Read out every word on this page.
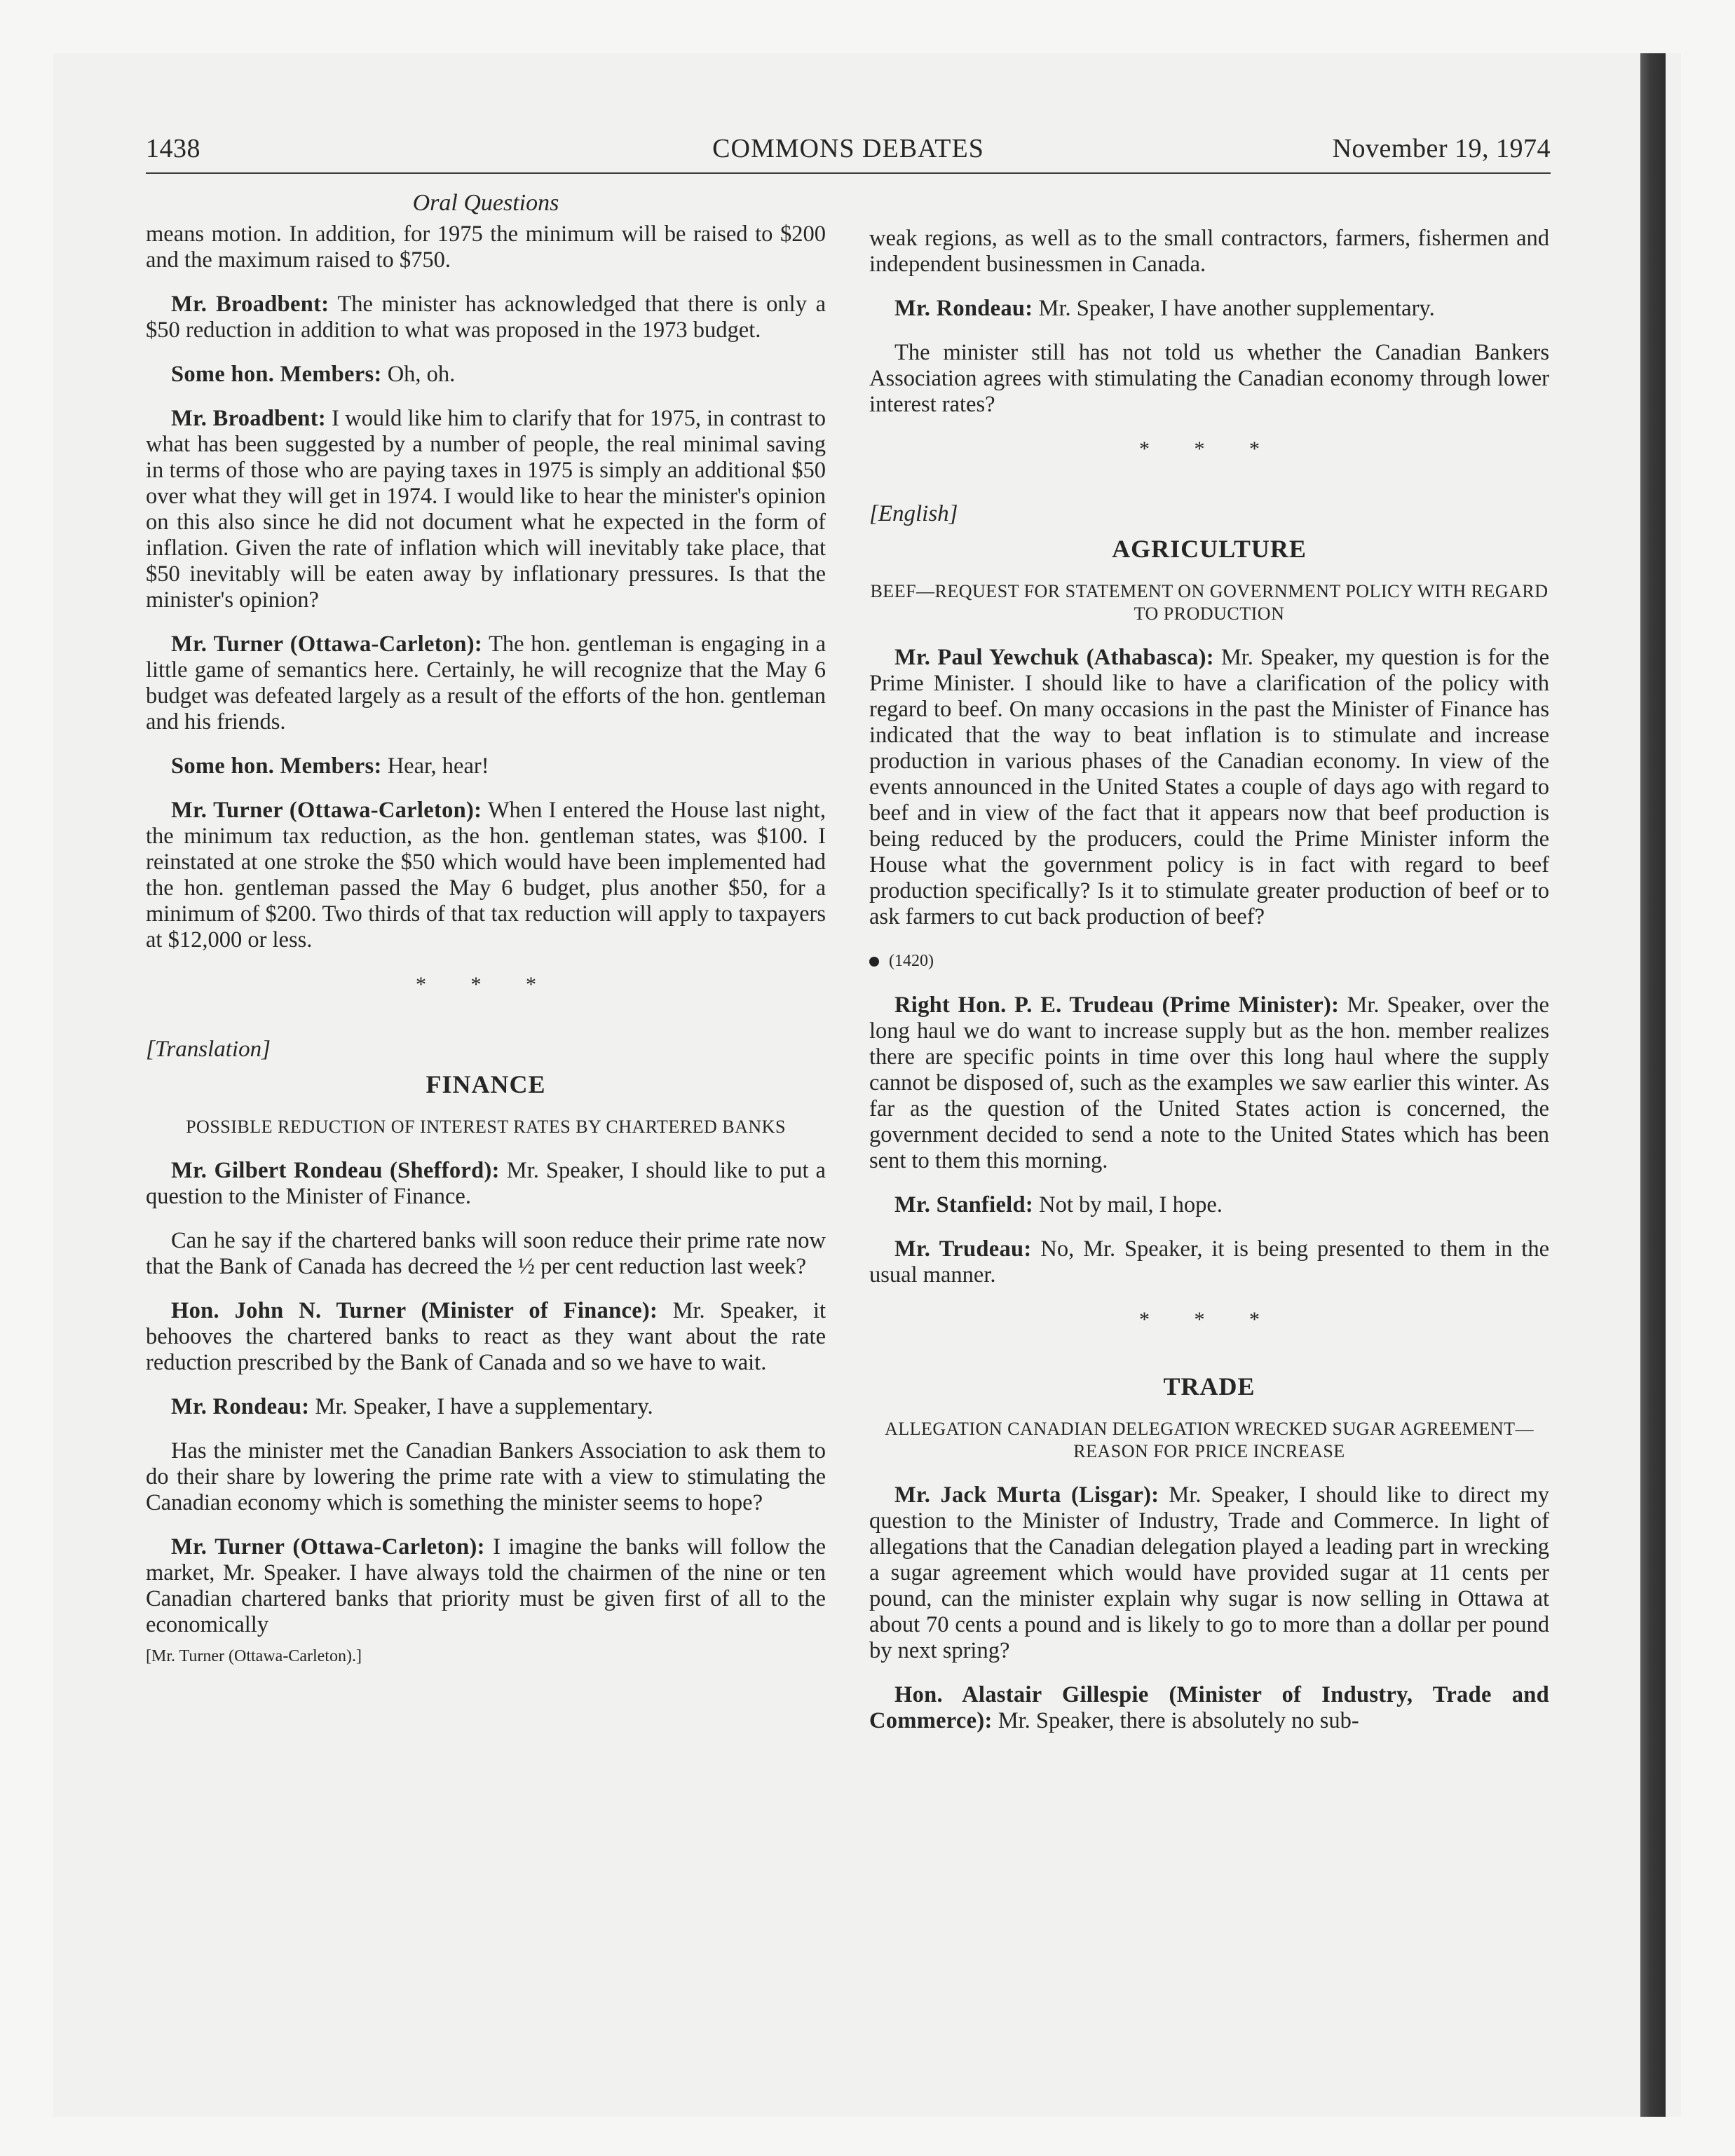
1438	COMMONS DEBATES	November 19, 1974
Oral Questions

means motion. In addition, for 1975 the minimum will be raised to $200 and the maximum raised to $750.

Mr. Broadbent: The minister has acknowledged that there is only a $50 reduction in addition to what was proposed in the 1973 budget.

Some hon. Members: Oh, oh.

Mr. Broadbent: I would like him to clarify that for 1975, in contrast to what has been suggested by a number of people, the real minimal saving in terms of those who are paying taxes in 1975 is simply an additional $50 over what they will get in 1974. I would like to hear the minister's opinion on this also since he did not document what he expected in the form of inflation. Given the rate of inflation which will inevitably take place, that $50 inevitably will be eaten away by inflationary pressures. Is that the minister's opinion?

Mr. Turner (Ottawa-Carleton): The hon. gentleman is engaging in a little game of semantics here. Certainly, he will recognize that the May 6 budget was defeated largely as a result of the efforts of the hon. gentleman and his friends.

Some hon. Members: Hear, hear!

Mr. Turner (Ottawa-Carleton): When I entered the House last night, the minimum tax reduction, as the hon. gentleman states, was $100. I reinstated at one stroke the $50 which would have been implemented had the hon. gentleman passed the May 6 budget, plus another $50, for a minimum of $200. Two thirds of that tax reduction will apply to taxpayers at $12,000 or less.

* * *
[Translation]
FINANCE
POSSIBLE REDUCTION OF INTEREST RATES BY CHARTERED BANKS

Mr. Gilbert Rondeau (Shefford): Mr. Speaker, I should like to put a question to the Minister of Finance.

Can he say if the chartered banks will soon reduce their prime rate now that the Bank of Canada has decreed the ½ per cent reduction last week?

Hon. John N. Turner (Minister of Finance): Mr. Speaker, it behooves the chartered banks to react as they want about the rate reduction prescribed by the Bank of Canada and so we have to wait.

Mr. Rondeau: Mr. Speaker, I have a supplementary.

Has the minister met the Canadian Bankers Association to ask them to do their share by lowering the prime rate with a view to stimulating the Canadian economy which is something the minister seems to hope?

Mr. Turner (Ottawa-Carleton): I imagine the banks will follow the market, Mr. Speaker. I have always told the chairmen of the nine or ten Canadian chartered banks that priority must be given first of all to the economically

[Mr. Turner (Ottawa-Carleton).]

weak regions, as well as to the small contractors, farmers, fishermen and independent businessmen in Canada.

Mr. Rondeau: Mr. Speaker, I have another supplementary.

The minister still has not told us whether the Canadian Bankers Association agrees with stimulating the Canadian economy through lower interest rates?

* * *
[English]
AGRICULTURE
BEEF—REQUEST FOR STATEMENT ON GOVERNMENT POLICY WITH REGARD TO PRODUCTION

Mr. Paul Yewchuk (Athabasca): Mr. Speaker, my question is for the Prime Minister. I should like to have a clarification of the policy with regard to beef. On many occasions in the past the Minister of Finance has indicated that the way to beat inflation is to stimulate and increase production in various phases of the Canadian economy. In view of the events announced in the United States a couple of days ago with regard to beef and in view of the fact that it appears now that beef production is being reduced by the producers, could the Prime Minister inform the House what the government policy is in fact with regard to beef production specifically? Is it to stimulate greater production of beef or to ask farmers to cut back production of beef?

(1420)

Right Hon. P. E. Trudeau (Prime Minister): Mr. Speaker, over the long haul we do want to increase supply but as the hon. member realizes there are specific points in time over this long haul where the supply cannot be disposed of, such as the examples we saw earlier this winter. As far as the question of the United States action is concerned, the government decided to send a note to the United States which has been sent to them this morning.

Mr. Stanfield: Not by mail, I hope.

Mr. Trudeau: No, Mr. Speaker, it is being presented to them in the usual manner.

* * *
TRADE
ALLEGATION CANADIAN DELEGATION WRECKED SUGAR AGREEMENT—REASON FOR PRICE INCREASE

Mr. Jack Murta (Lisgar): Mr. Speaker, I should like to direct my question to the Minister of Industry, Trade and Commerce. In light of allegations that the Canadian delegation played a leading part in wrecking a sugar agreement which would have provided sugar at 11 cents per pound, can the minister explain why sugar is now selling in Ottawa at about 70 cents a pound and is likely to go to more than a dollar per pound by next spring?

Hon. Alastair Gillespie (Minister of Industry, Trade and Commerce): Mr. Speaker, there is absolutely no sub-
